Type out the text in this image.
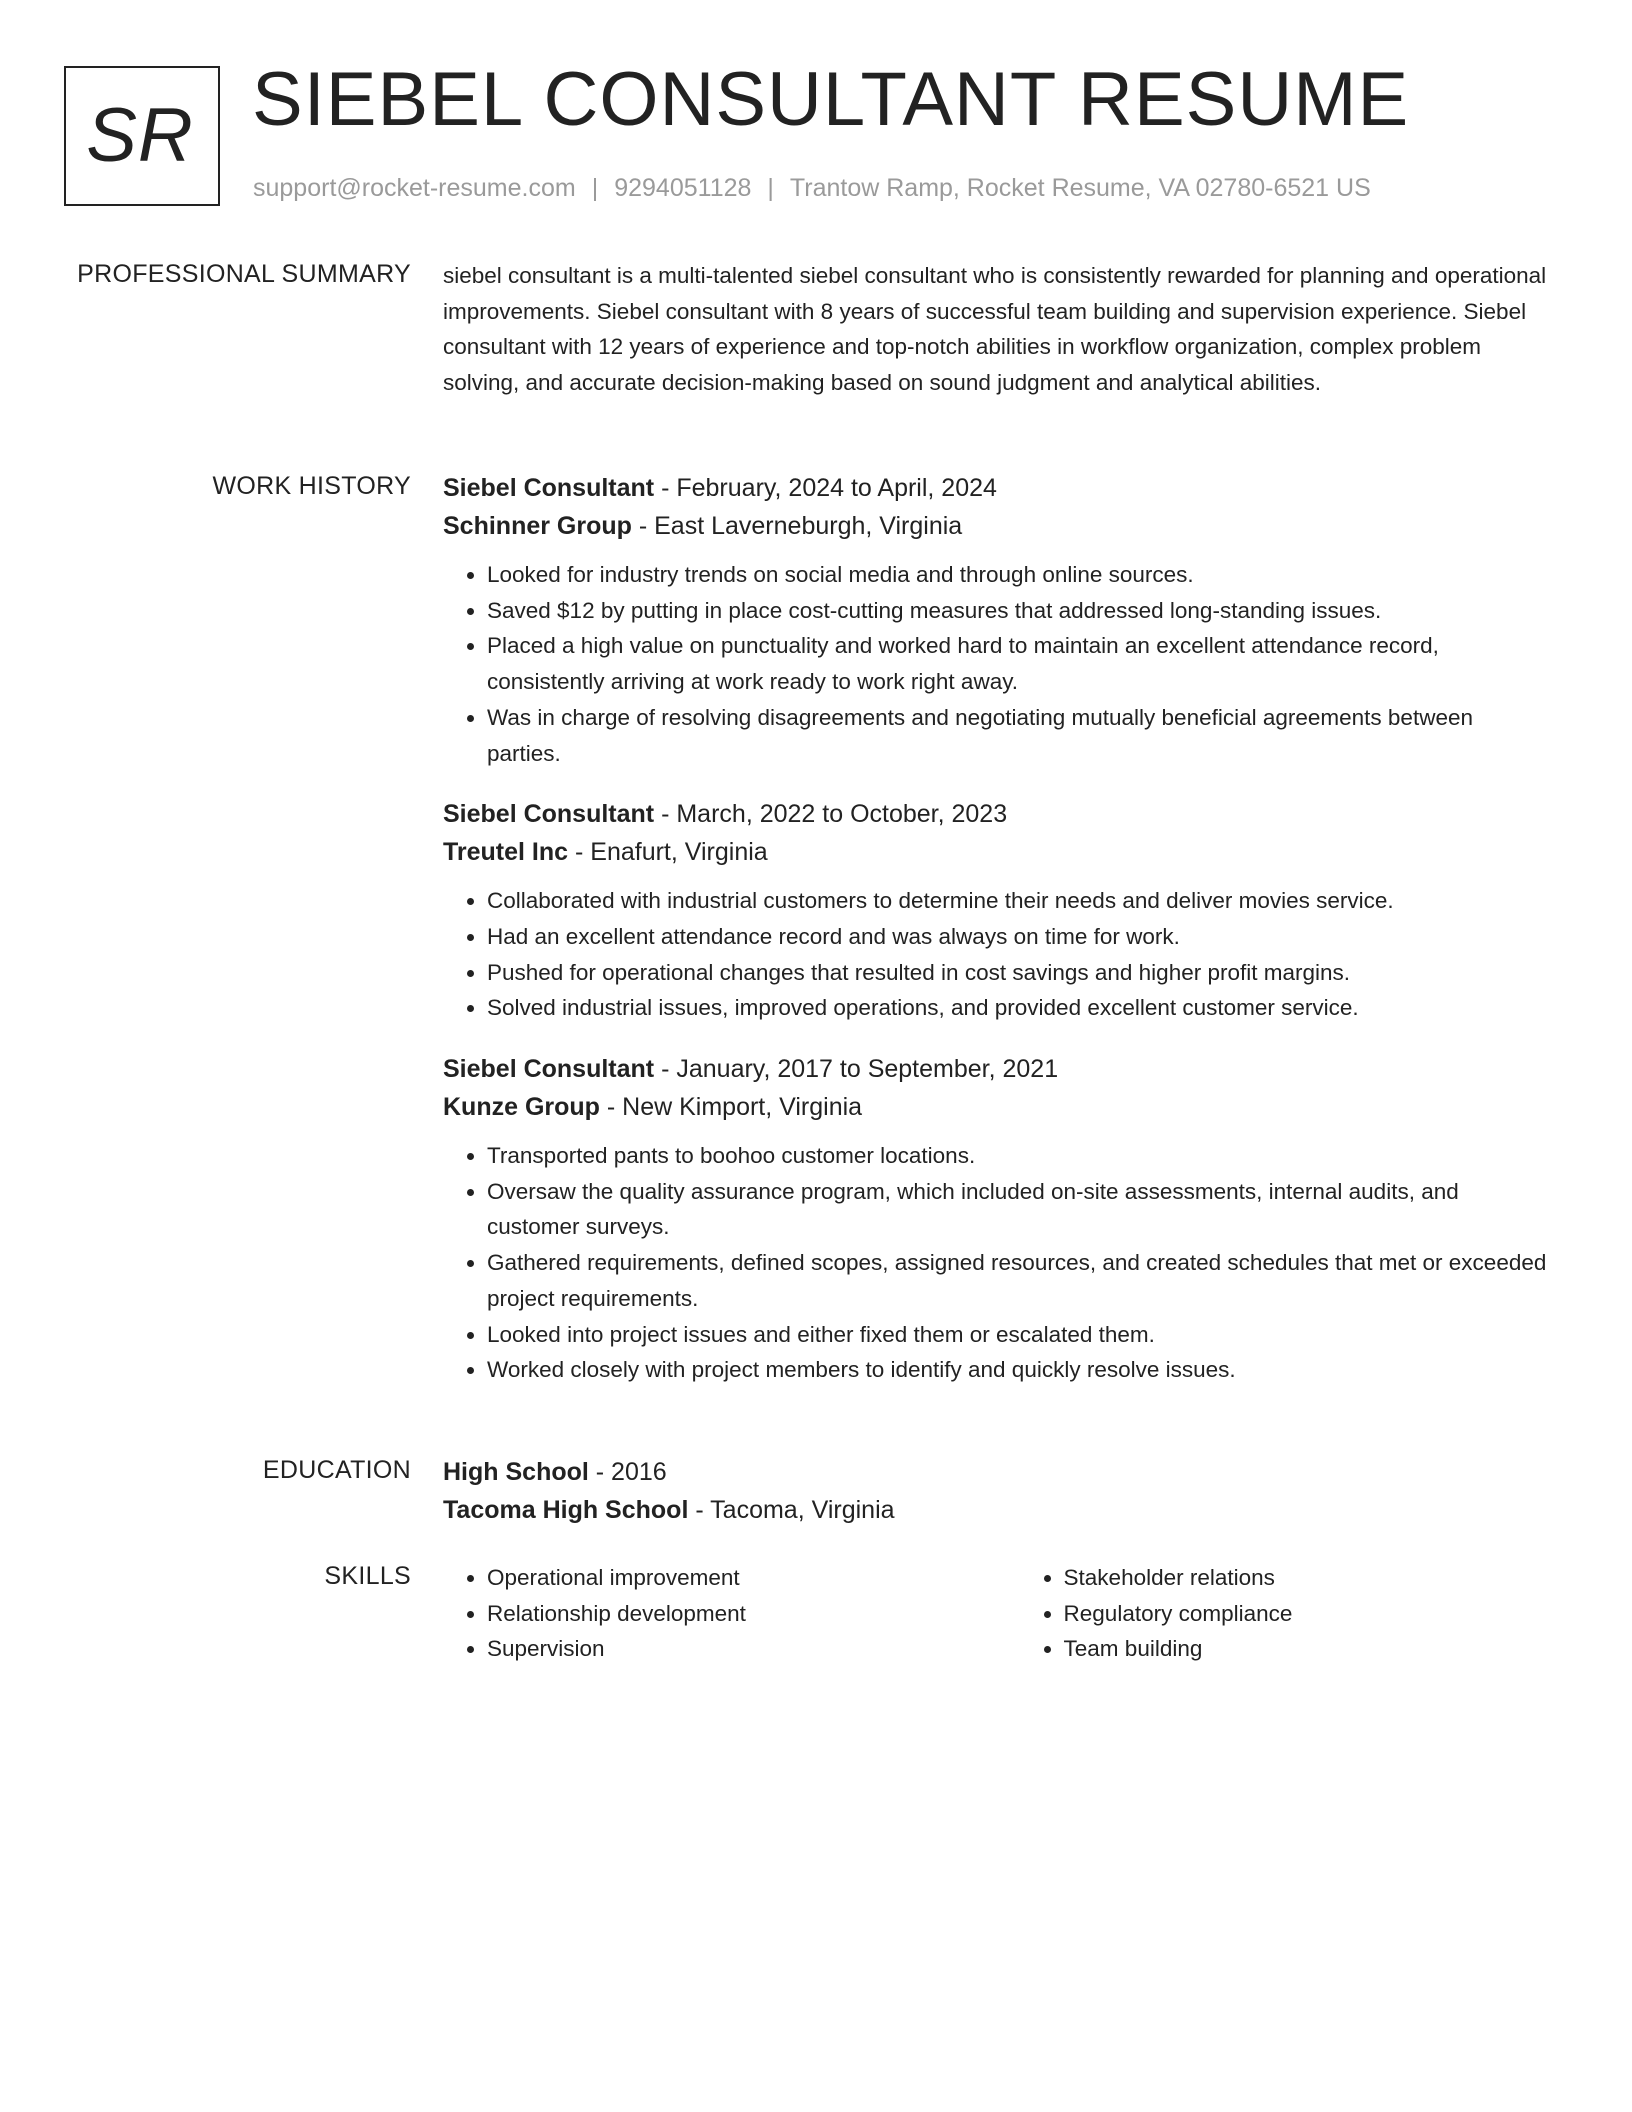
SR SIEBEL CONSULTANT RESUME
support@rocket-resume.com | 9294051128 | Trantow Ramp, Rocket Resume, VA 02780-6521 US
PROFESSIONAL SUMMARY siebel consultant is a multi-talented siebel consultant who is consistently rewarded for planning and operational improvements. Siebel consultant with 8 years of successful team building and supervision experience. Siebel consultant with 12 years of experience and top-notch abilities in workflow organization, complex problem solving, and accurate decision-making based on sound judgment and analytical abilities.

WORK HISTORY Siebel Consultant - February, 2024 to April, 2024
Schinner Group - East Laverneburgh, Virginia
• Looked for industry trends on social media and through online sources.
• Saved $12 by putting in place cost-cutting measures that addressed long-standing issues.
• Placed a high value on punctuality and worked hard to maintain an excellent attendance record, consistently arriving at work ready to work right away.
• Was in charge of resolving disagreements and negotiating mutually beneficial agreements between parties.
Siebel Consultant - March, 2022 to October, 2023
Treutel Inc - Enafurt, Virginia
• Collaborated with industrial customers to determine their needs and deliver movies service.
• Had an excellent attendance record and was always on time for work.
• Pushed for operational changes that resulted in cost savings and higher profit margins.
• Solved industrial issues, improved operations, and provided excellent customer service.
Siebel Consultant - January, 2017 to September, 2021
Kunze Group - New Kimport, Virginia
• Transported pants to boohoo customer locations.
• Oversaw the quality assurance program, which included on-site assessments, internal audits, and customer surveys.
• Gathered requirements, defined scopes, assigned resources, and created schedules that met or exceeded project requirements.
• Looked into project issues and either fixed them or escalated them.
• Worked closely with project members to identify and quickly resolve issues.
EDUCATION High School - 2016
Tacoma High School - Tacoma, Virginia
SKILLS
•	Operational improvement
• Relationship development
• Supervision
• Stakeholder relations
• Regulatory compliance
• Team building
